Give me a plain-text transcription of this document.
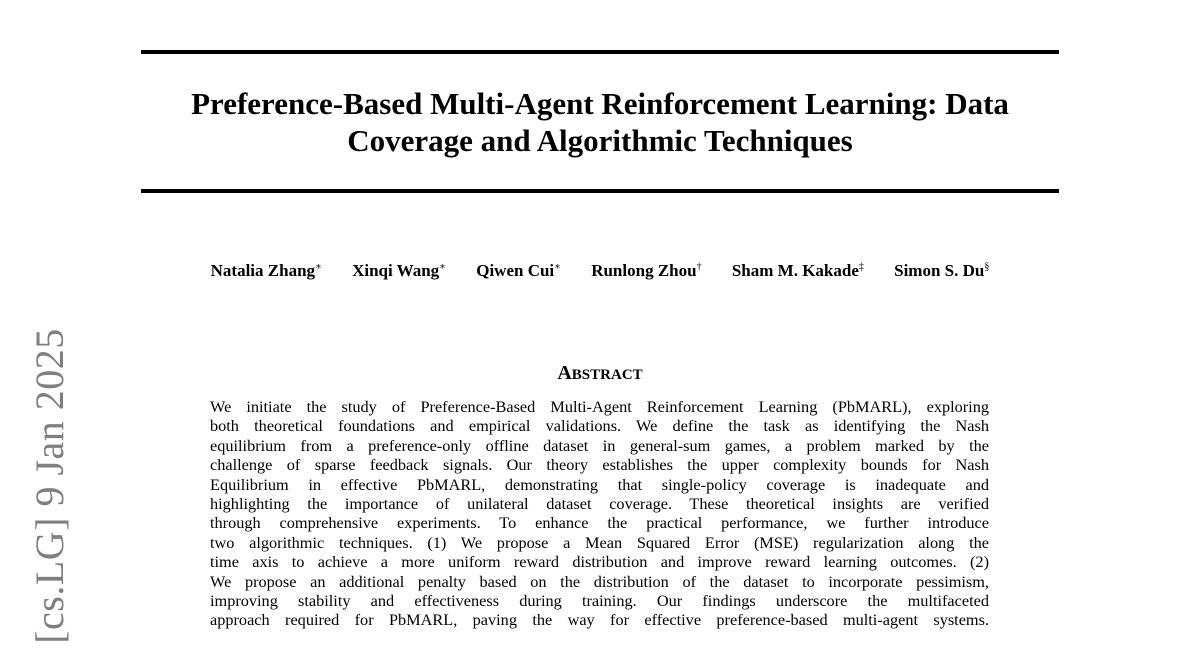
Preference-Based Multi-Agent Reinforcement Learning: Data
Coverage and Algorithmic Techniques
Natalia Zhang∗ Xinqi Wang∗ Qiwen Cui∗ Runlong Zhou† Sham M. Kakade‡ Simon S. Du§
ABSTRACT
We initiate the study of Preference-Based Multi-Agent Reinforcement Learning (PbMARL), exploring
both theoretical foundations and empirical validations. We define the task as identifying the Nash
equilibrium from a preference-only offline dataset in general-sum games, a problem marked by the
challenge of sparse feedback signals. Our theory establishes the upper complexity bounds for Nash
Equilibrium in effective PbMARL, demonstrating that single-policy coverage is inadequate and
highlighting the importance of unilateral dataset coverage. These theoretical insights are verified
through comprehensive experiments. To enhance the practical performance, we further introduce
two algorithmic techniques. (1) We propose a Mean Squared Error (MSE) regularization along the
time axis to achieve a more uniform reward distribution and improve reward learning outcomes. (2)
We propose an additional penalty based on the distribution of the dataset to incorporate pessimism,
improving stability and effectiveness during training. Our findings underscore the multifaceted
approach required for PbMARL, paving the way for effective preference-based multi-agent systems.
[cs.LG] 9 Jan 2025
